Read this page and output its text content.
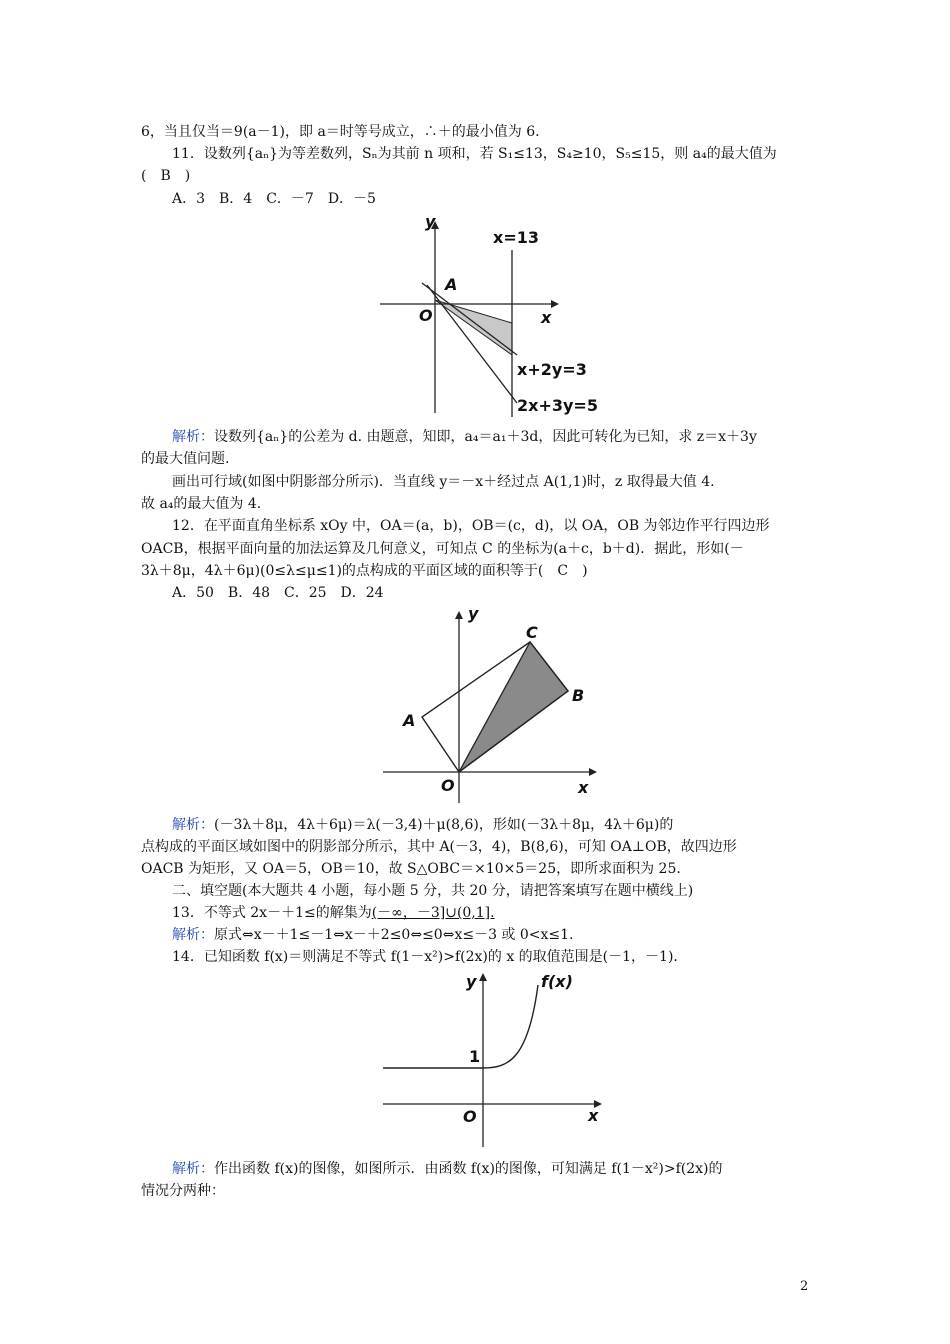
6，当且仅当＝9(a－1)，即 a＝时等号成立，∴＋的最小值为 6.
11．设数列{aₙ}为等差数列，Sₙ为其前 n 项和，若 S₁≤13，S₄≥10，S₅≤15，则 a₄的最大值为
(　B　)
A．3　B．4　C．－7　D．－5
y
x
O
A
x=13
x+2y=3
2x+3y=5
解析：设数列{aₙ}的公差为 d. 由题意，知即，a₄＝a₁＋3d，因此可转化为已知，求 z＝x＋3y
的最大值问题.
画出可行域(如图中阴影部分所示)．当直线 y＝－x＋经过点 A(1,1)时，z 取得最大值 4.
故 a₄的最大值为 4.
12．在平面直角坐标系 xOy 中，OA＝(a，b)，OB＝(c，d)，以 OA，OB 为邻边作平行四边形
OACB，根据平面向量的加法运算及几何意义，可知点 C 的坐标为(a＋c，b＋d)．据此，形如(－
3λ＋8μ，4λ＋6μ)(0≤λ≤μ≤1)的点构成的平面区域的面积等于(　C　)
A．50　B．48　C．25　D．24
y
x
O
A
B
C
解析：(－3λ＋8μ，4λ＋6μ)＝λ(－3,4)＋μ(8,6)，形如(－3λ＋8μ，4λ＋6μ)的
点构成的平面区域如图中的阴影部分所示，其中 A(－3，4)，B(8,6)，可知 OA⊥OB，故四边形
OACB 为矩形，又 OA＝5，OB＝10，故 S△OBC＝×10×5＝25，即所求面积为 25.
二、填空题(本大题共 4 小题，每小题 5 分，共 20 分，请把答案填写在题中横线上)
13．不等式 2x－＋1≤的解集为(－∞，－3]∪(0,1].
解析：原式⇔x－＋1≤－1⇔x－＋2≤0⇔≤0⇔x≤－3 或 0<x≤1.
14．已知函数 f(x)＝则满足不等式 f(1－x²)>f(2x)的 x 的取值范围是(－1，－1)．
y
x
O
1
f(x)
解析：作出函数 f(x)的图像，如图所示．由函数 f(x)的图像，可知满足 f(1－x²)>f(2x)的
情况分两种：
2
